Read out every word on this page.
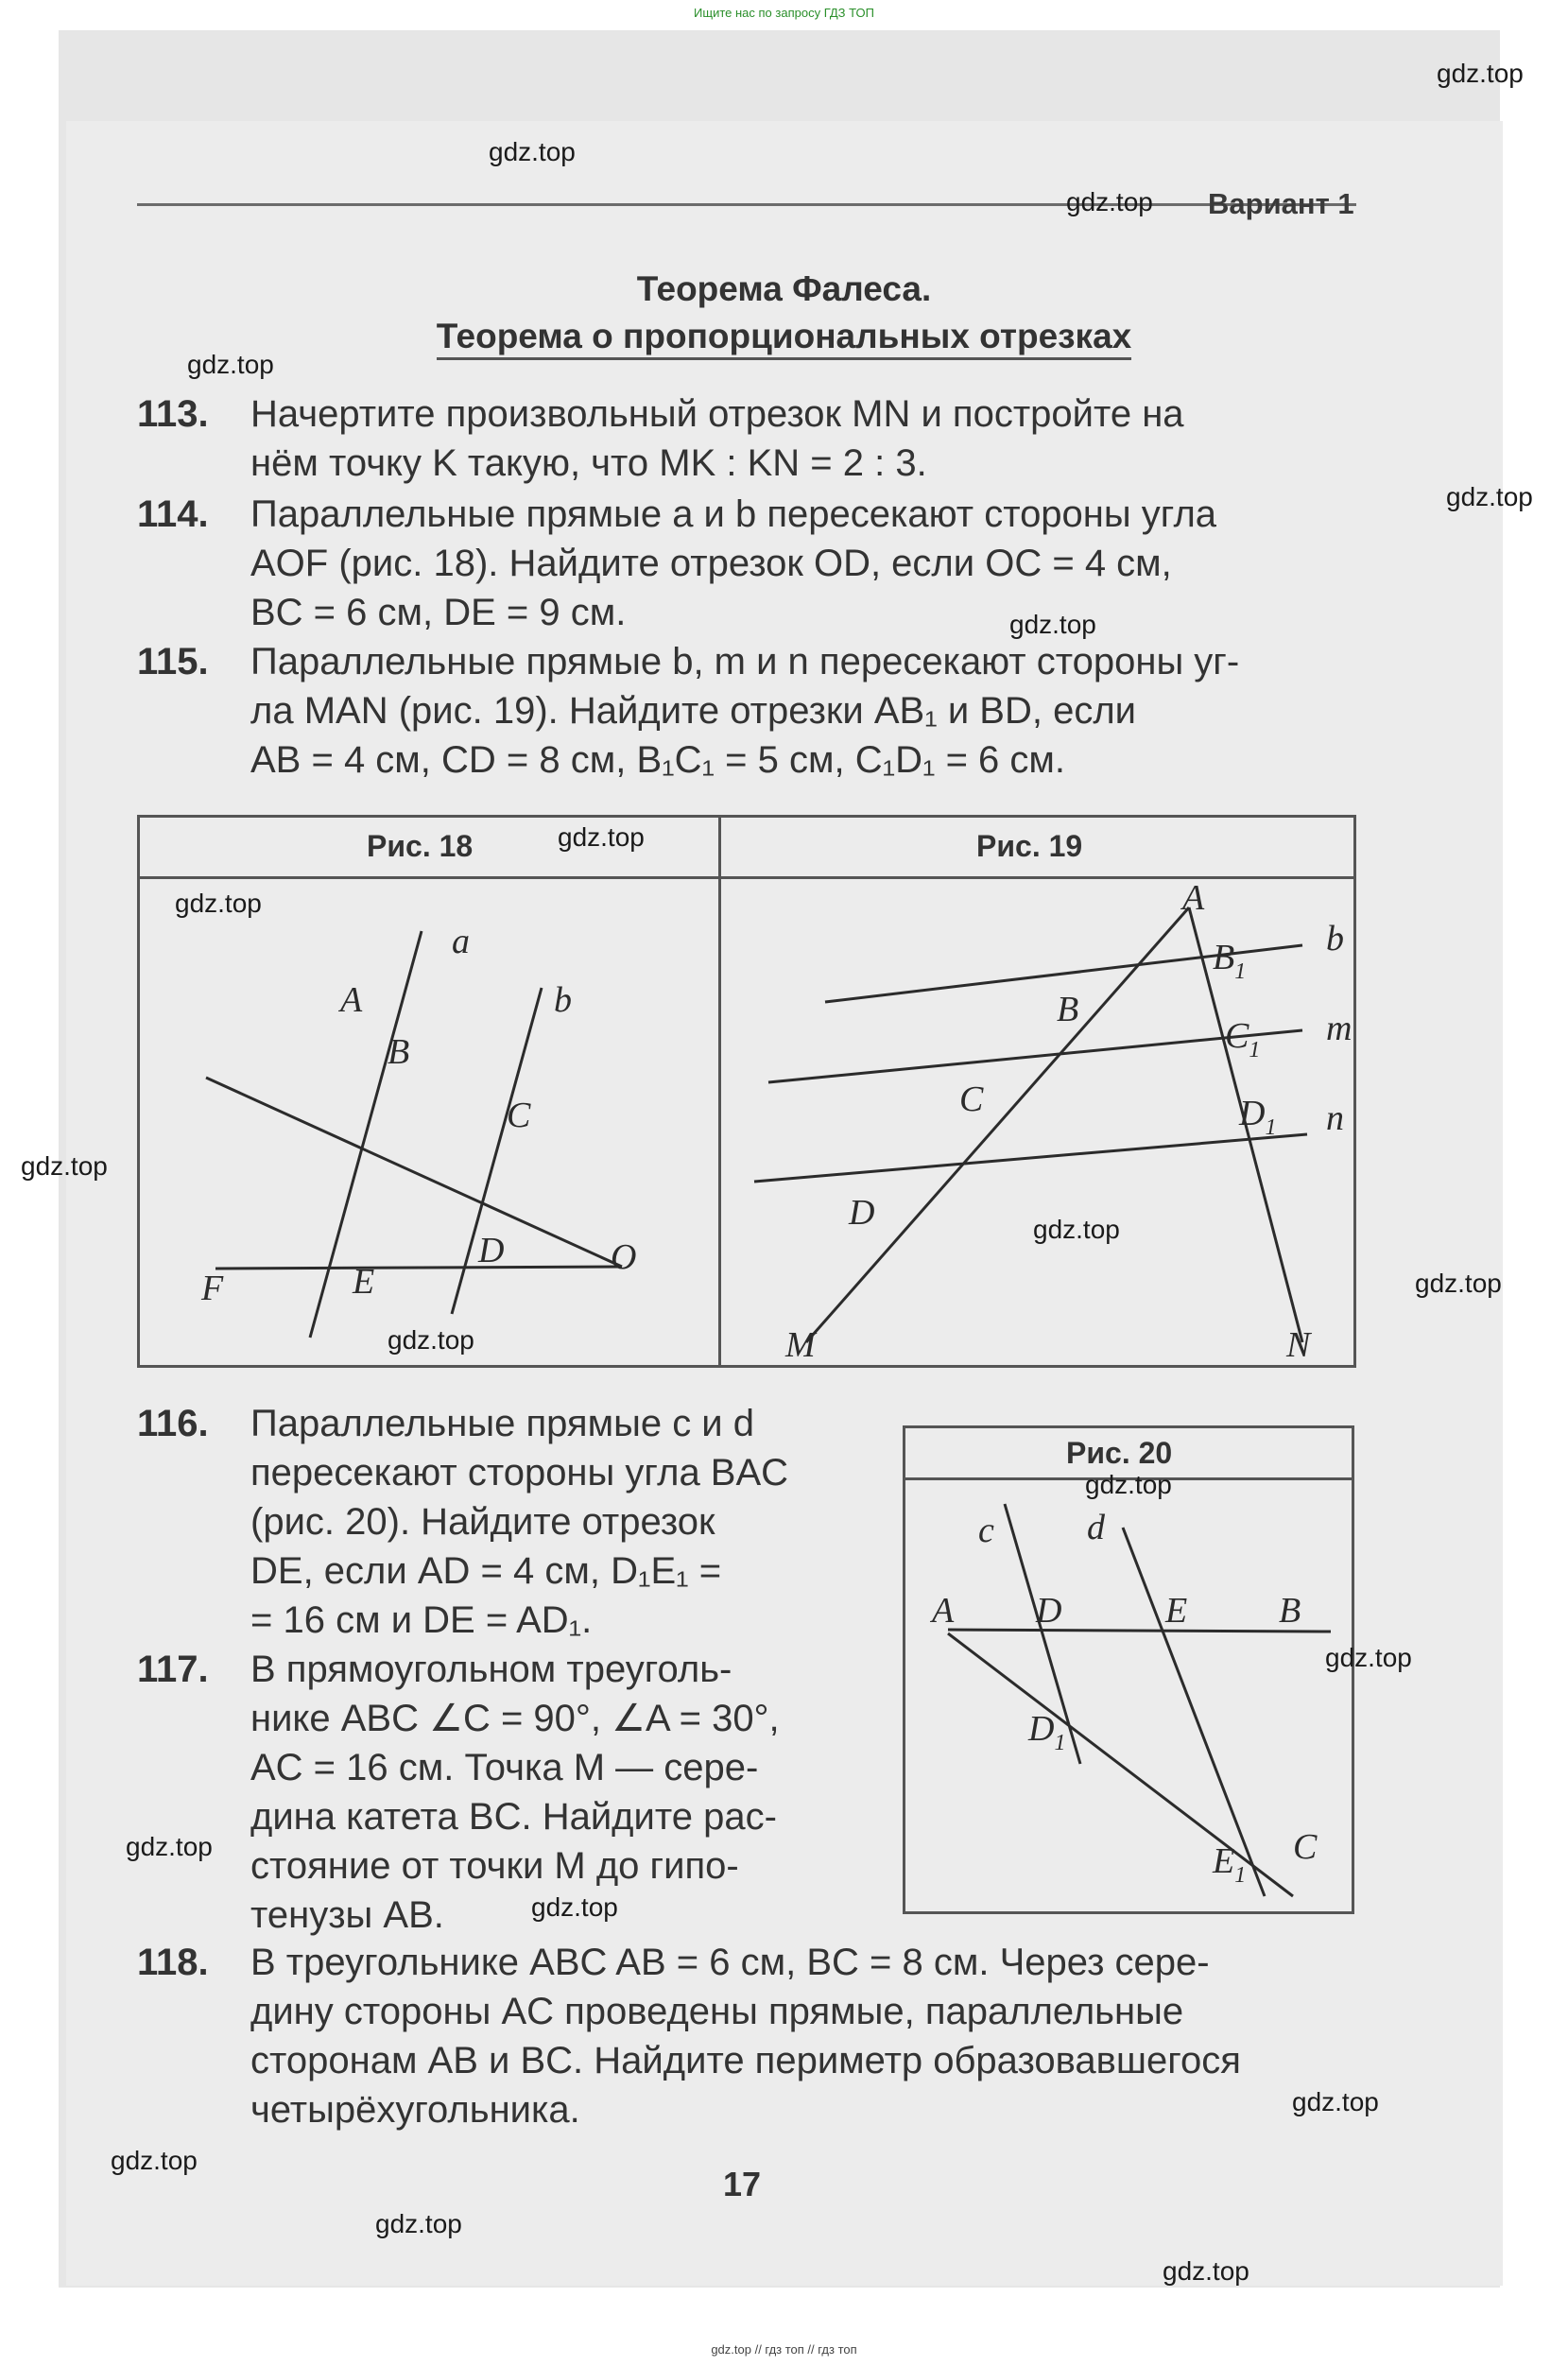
Ищите нас по запросу ГДЗ ТОП
gdz.top Вариант 1
Теорема Фалеса.
Теорема о пропорциональных отрезках
113. Начертите произвольный отрезок MN и постройте на
нём точку K такую, что MK : KN = 2 : 3.
114. Параллельные прямые a и b пересекают стороны угла
AOF (рис. 18). Найдите отрезок OD, если OC = 4 см,
BC = 6 см, DE = 9 см.
115. Параллельные прямые b, m и n пересекают стороны уг-
ла MAN (рис. 19). Найдите отрезки AB₁ и BD, если
AB = 4 см, CD = 8 см, B₁C₁ = 5 см, C₁D₁ = 6 см.
Рис. 18	Рис. 19
A
B
C
D
E
F
O
a
b
A
B
C
D
M	N
$B_1$
$C_1$
$D_1$
b
m
n
116. Параллельные прямые c и d
пересекают стороны угла BAC
(рис. 20). Найдите отрезок
DE, если AD = 4 см, D₁E₁ =
= 16 см и DE = AD₁.
117. В прямоугольном треуголь-
нике ABC ∠C = 90°, ∠A = 30°,
AC = 16 см. Точка M — сере-
дина катета BC. Найдите рас-
стояние от точки M до гипо-
тенузы AB.
Рис. 20
c	d
A D	E	B
$D_1$
$E_1$
C
118. В треугольнике ABC AB = 6 см, BC = 8 см. Через сере-
дину стороны AC проведены прямые, параллельные
сторонам AB и BC. Найдите периметр образовавшегося
четырёхугольника.
17
gdz.top
gdz.top
gdz.top
gdz.top
gdz.top
gdz.top
gdz.top
gdz.top
gdz.top
gdz.top
gdz.top
gdz.top
gdz.top
gdz.top
gdz.top
gdz.top
gdz.top
gdz.top
gdz.top
gdz.top // гдз топ // гдз топ
